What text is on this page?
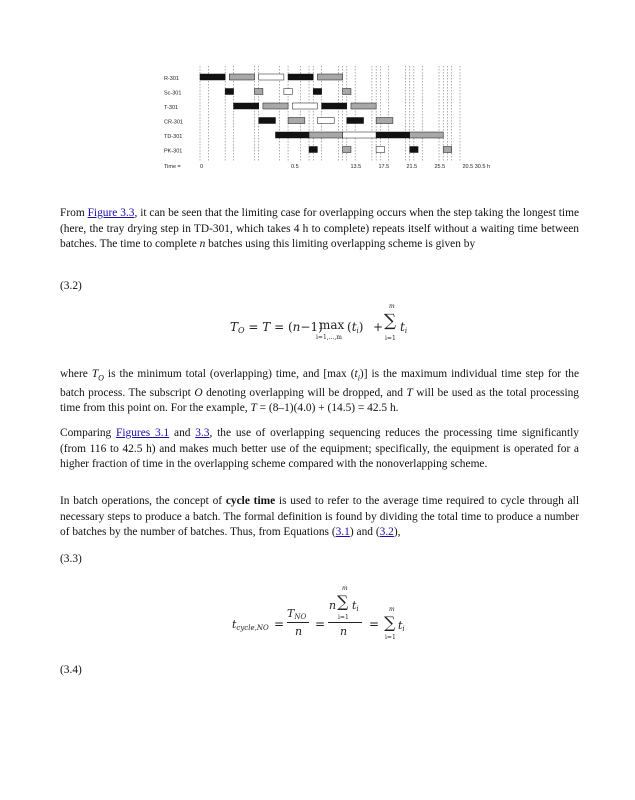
R-301
Sc-301
T-301
CR-301
TD-301
PK-301
Time =	0	0.5	13.5	17.5	21.5	25.5	20.5 30.5 h
From Figure 3.3, it can be seen that the limiting case for overlapping occurs when the step taking the longest time (here, the tray drying step in TD-301, which takes 4 h to complete) repeats itself without a waiting time between batches. The time to complete n batches using this limiting overlapping scheme is given by
(3.2)
TO = T = (n−1)
max
i=1,...,m
(ti) +
m
∑
i=1
ti
where $T_O$ is the minimum total (overlapping) time, and [max $(t_i)$] is the maximum individual time step for the batch process. The subscript O denoting overlapping will be dropped, and T will be used as the total processing time from this point on. For the example, T = (8–1)(4.0) + (14.5) = 42.5 h.
Comparing Figures 3.1 and 3.3, the use of overlapping sequencing reduces the processing time significantly (from 116 to 42.5 h) and makes much better use of the equipment; specifically, the equipment is operated for a higher fraction of time in the overlapping scheme compared with the nonoverlapping scheme.
In batch operations, the concept of cycle time is used to refer to the average time required to cycle through all necessary steps to produce a batch. The formal definition is found by dividing the total time to produce a number of batches by the number of batches. Thus, from Equations (3.1) and (3.2),
(3.3)
tcycle,NO =
TNO
n
=
n
m
∑
i=1
ti
n
=
m
∑
i=1
ti
(3.4)
